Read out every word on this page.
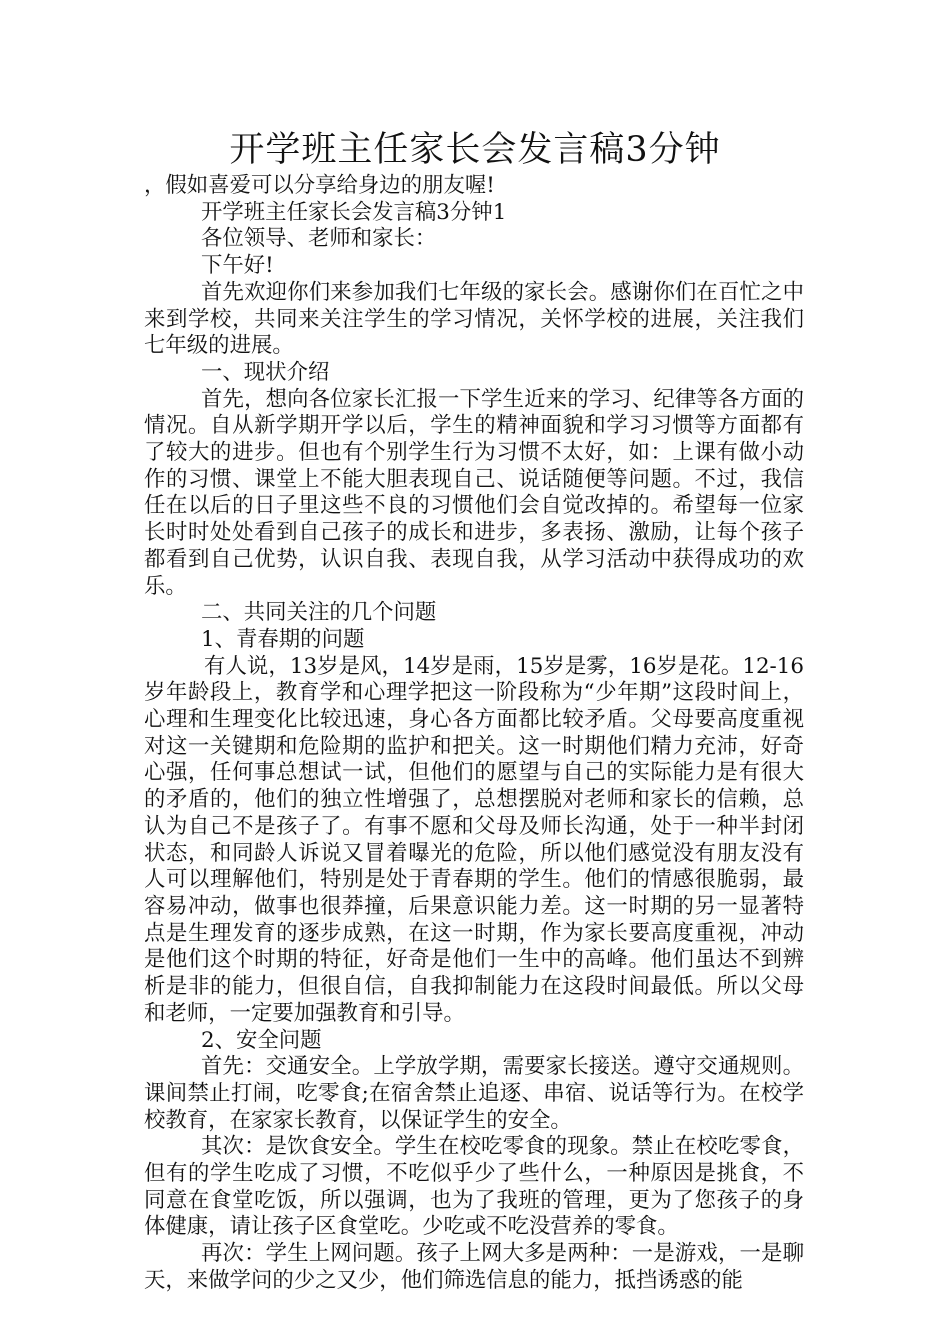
开学班主任家长会发言稿3分钟

，假如喜爱可以分享给身边的朋友喔!

开学班主任家长会发言稿3分钟1

各位领导、老师和家长：

下午好!

首先欢迎你们来参加我们七年级的家长会。感谢你们在百忙之中来到学校，共同来关注学生的学习情况，关怀学校的进展，关注我们七年级的进展。

一、现状介绍

首先，想向各位家长汇报一下学生近来的学习、纪律等各方面的情况。自从新学期开学以后，学生的精神面貌和学习习惯等方面都有了较大的进步。但也有个别学生行为习惯不太好，如：上课有做小动作的习惯、课堂上不能大胆表现自己、说话随便等问题。不过，我信任在以后的日子里这些不良的习惯他们会自觉改掉的。希望每一位家长时时处处看到自己孩子的成长和进步，多表扬、激励，让每个孩子都看到自己优势，认识自我、表现自我，从学习活动中获得成功的欢乐。

二、共同关注的几个问题

1、青春期的问题

有人说，13岁是风，14岁是雨，15岁是雾，16岁是花。12-16岁年龄段上，教育学和心理学把这一阶段称为“少年期”这段时间上，心理和生理变化比较迅速，身心各方面都比较矛盾。父母要高度重视对这一关键期和危险期的监护和把关。这一时期他们精力充沛，好奇心强，任何事总想试一试，但他们的愿望与自己的实际能力是有很大的矛盾的，他们的独立性增强了，总想摆脱对老师和家长的信赖，总认为自己不是孩子了。有事不愿和父母及师长沟通，处于一种半封闭状态，和同龄人诉说又冒着曝光的危险，所以他们感觉没有朋友没有人可以理解他们，特别是处于青春期的学生。他们的情感很脆弱，最容易冲动，做事也很莽撞，后果意识能力差。这一时期的另一显著特点是生理发育的逐步成熟，在这一时期，作为家长要高度重视，冲动是他们这个时期的特征，好奇是他们一生中的高峰。他们虽达不到辨析是非的能力，但很自信，自我抑制能力在这段时间最低。所以父母和老师，一定要加强教育和引导。

2、安全问题

首先：交通安全。上学放学期，需要家长接送。遵守交通规则。课间禁止打闹，吃零食;在宿舍禁止追逐、串宿、说话等行为。在校学校教育，在家家长教育，以保证学生的安全。

其次：是饮食安全。学生在校吃零食的现象。禁止在校吃零食，但有的学生吃成了习惯，不吃似乎少了些什么，一种原因是挑食，不同意在食堂吃饭，所以强调，也为了我班的管理，更为了您孩子的身体健康，请让孩子区食堂吃。少吃或不吃没营养的零食。

再次：学生上网问题。孩子上网大多是两种：一是游戏，一是聊天，来做学问的少之又少，他们筛选信息的能力，抵挡诱惑的能
